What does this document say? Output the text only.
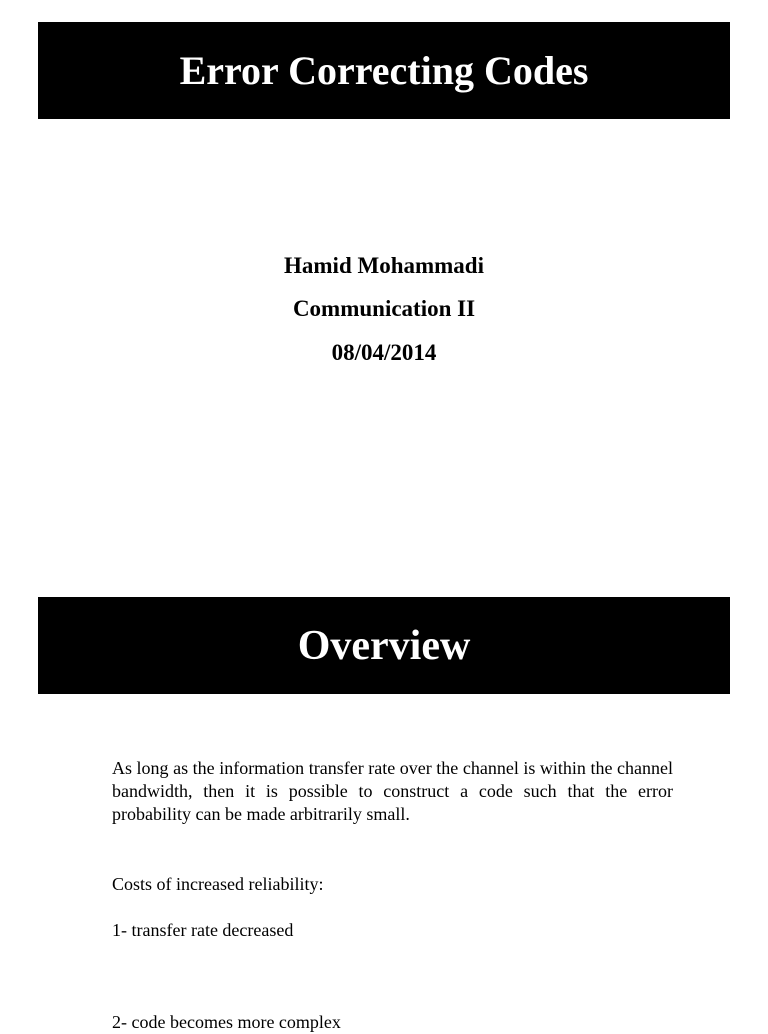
Error Correcting Codes
Hamid Mohammadi
Communication II
08/04/2014
Overview
As long as the information transfer rate over the channel is within the channel bandwidth, then it is possible to construct a code such that the error probability can be made arbitrarily small.
Costs of increased reliability:
1- transfer rate decreased
2- code becomes more complex
